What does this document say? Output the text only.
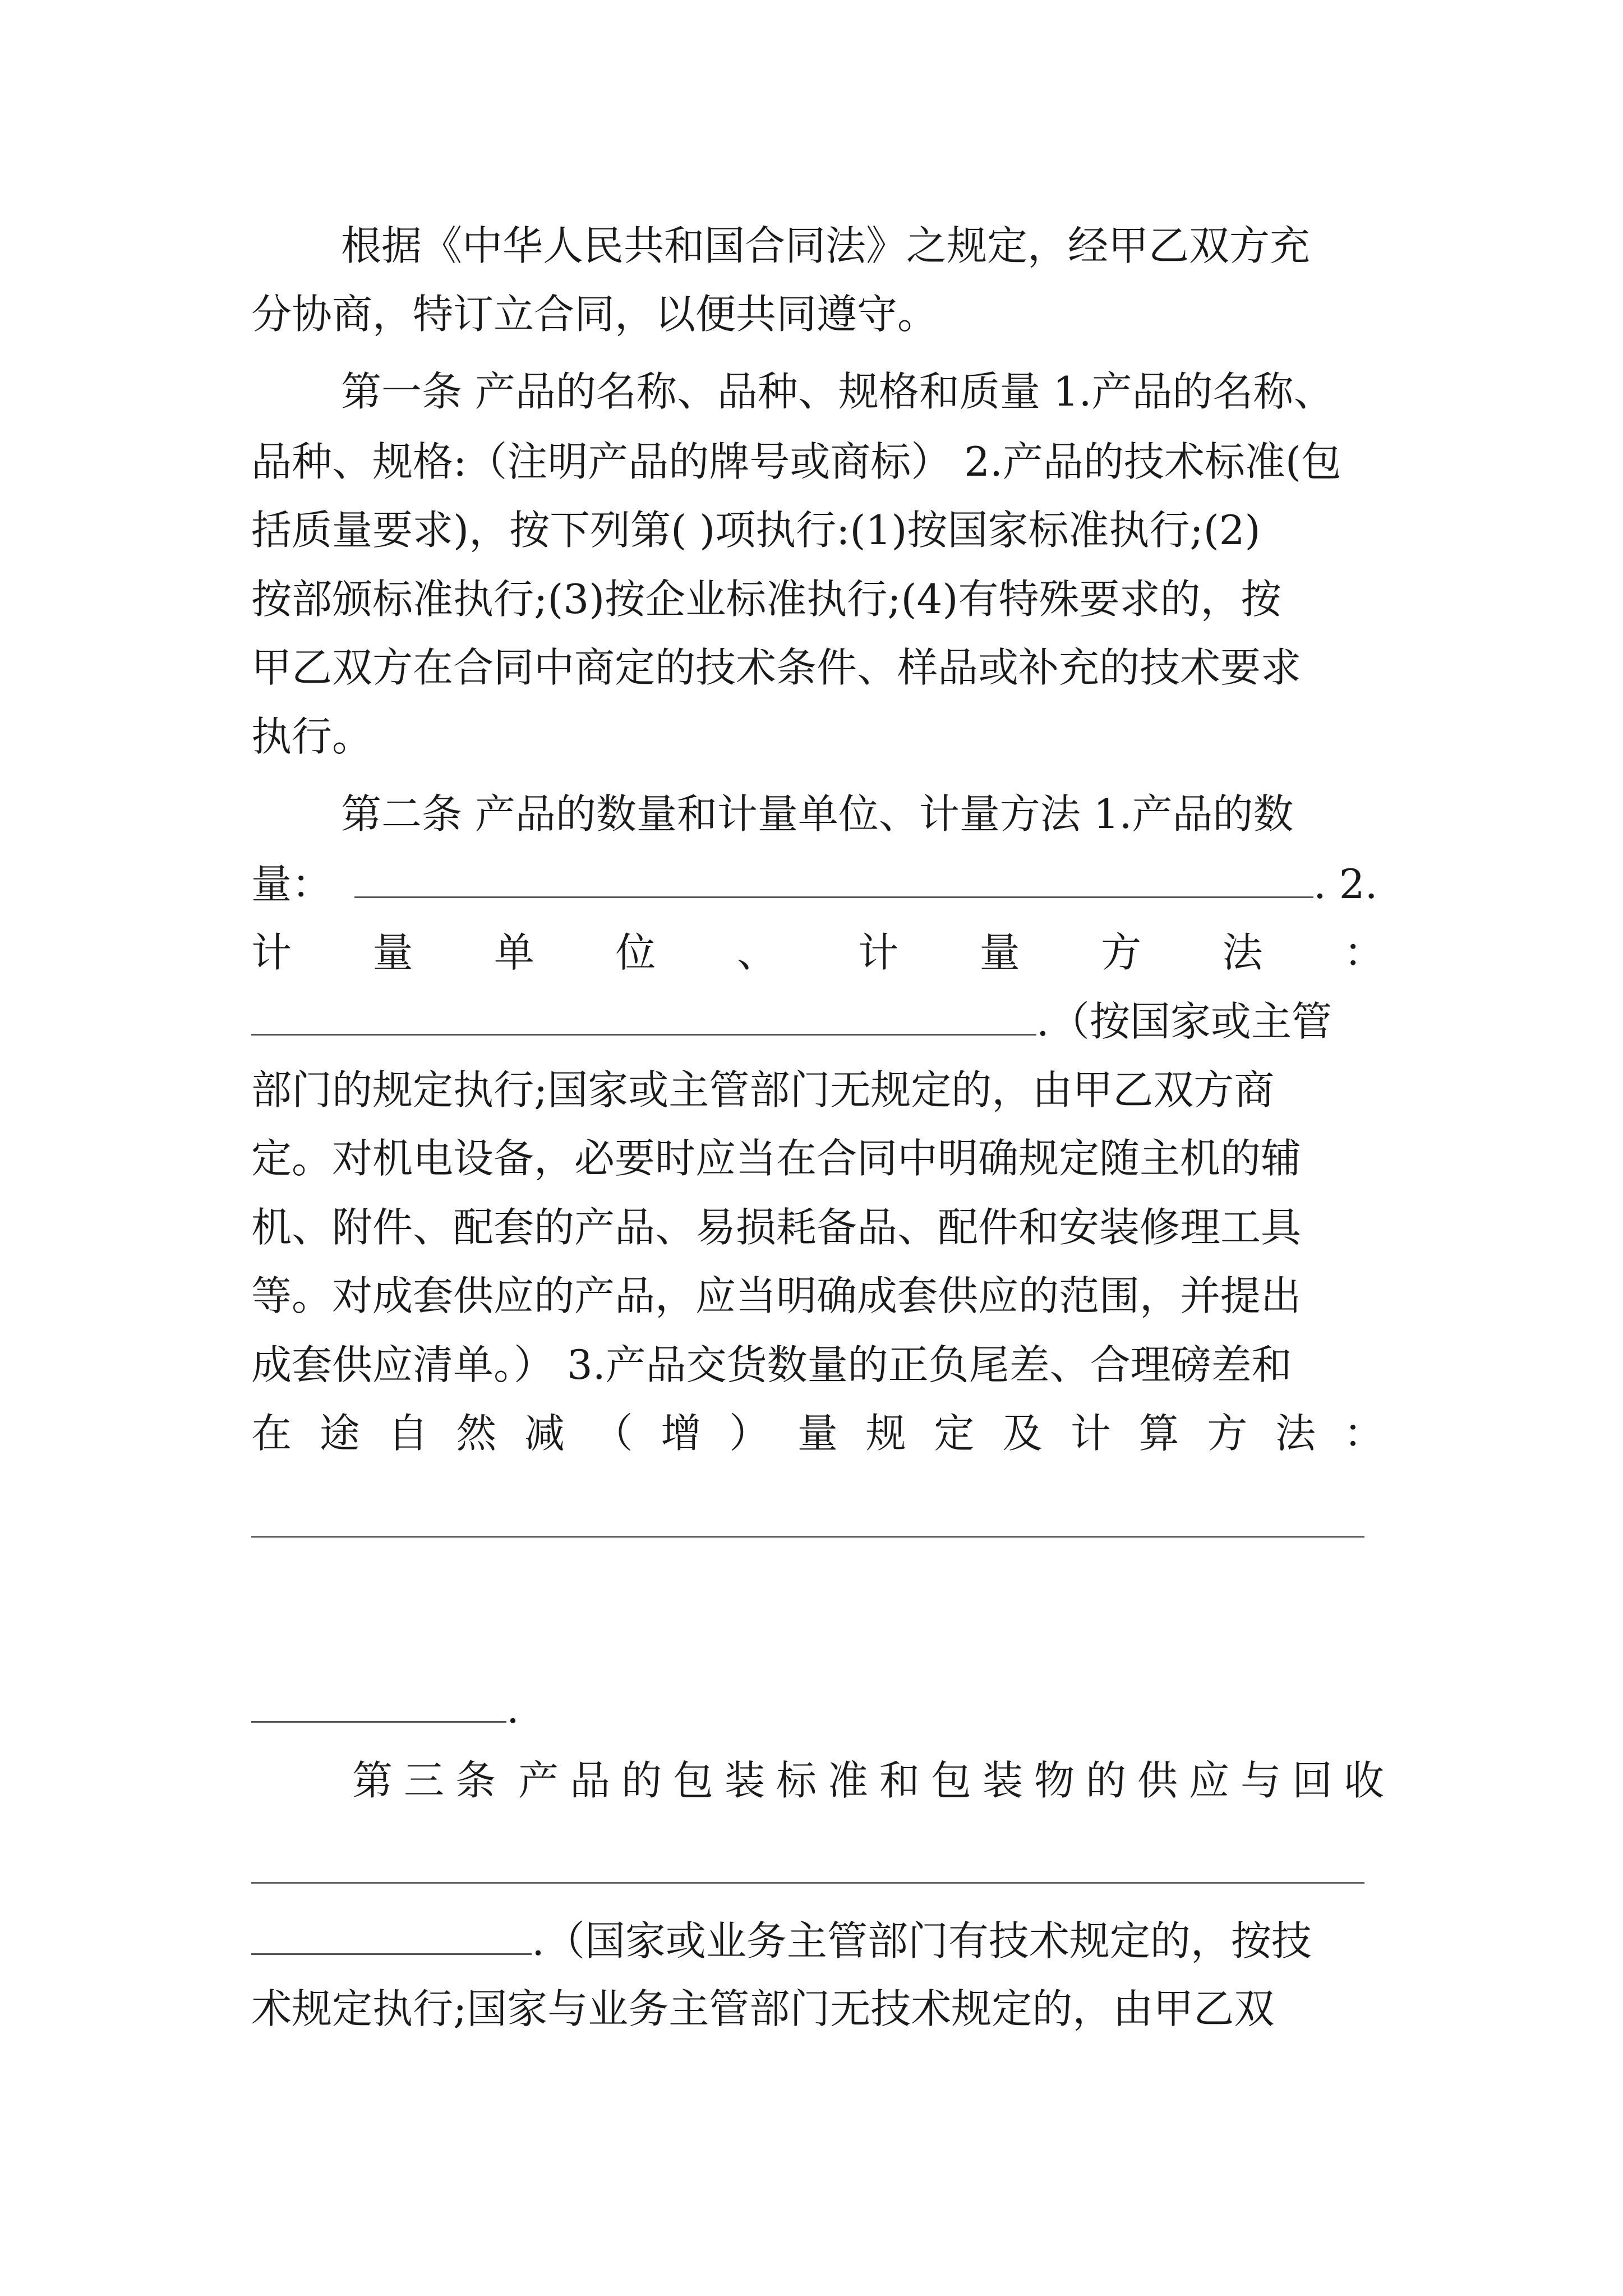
根据《中华人民共和国合同法》之规定，经甲乙双方充
分协商，特订立合同，以便共同遵守。
第一条 产品的名称、品种、规格和质量 1.产品的名称、
品种、规格:（注明产品的牌号或商标） 2.产品的技术标准(包
括质量要求)，按下列第( )项执行:(1)按国家标准执行;(2)
按部颁标准执行;(3)按企业标准执行;(4)有特殊要求的，按
甲乙双方在合同中商定的技术条件、样品或补充的技术要求
执行。
第二条 产品的数量和计量单位、计量方法 1.产品的数
量：	. 2.
计 量 单 位 、 计 量 方 法 ：
.（按国家或主管
部门的规定执行;国家或主管部门无规定的，由甲乙双方商
定。对机电设备，必要时应当在合同中明确规定随主机的辅
机、附件、配套的产品、易损耗备品、配件和安装修理工具
等。对成套供应的产品，应当明确成套供应的范围，并提出
成套供应清单。） 3.产品交货数量的正负尾差、合理磅差和
在 途 自 然 减 （ 增 ） 量 规 定 及 计 算 方 法 ：
.
第 三 条 产 品 的 包 装 标 准 和 包 装 物 的 供 应 与 回 收
.（国家或业务主管部门有技术规定的，按技
术规定执行;国家与业务主管部门无技术规定的，由甲乙双
